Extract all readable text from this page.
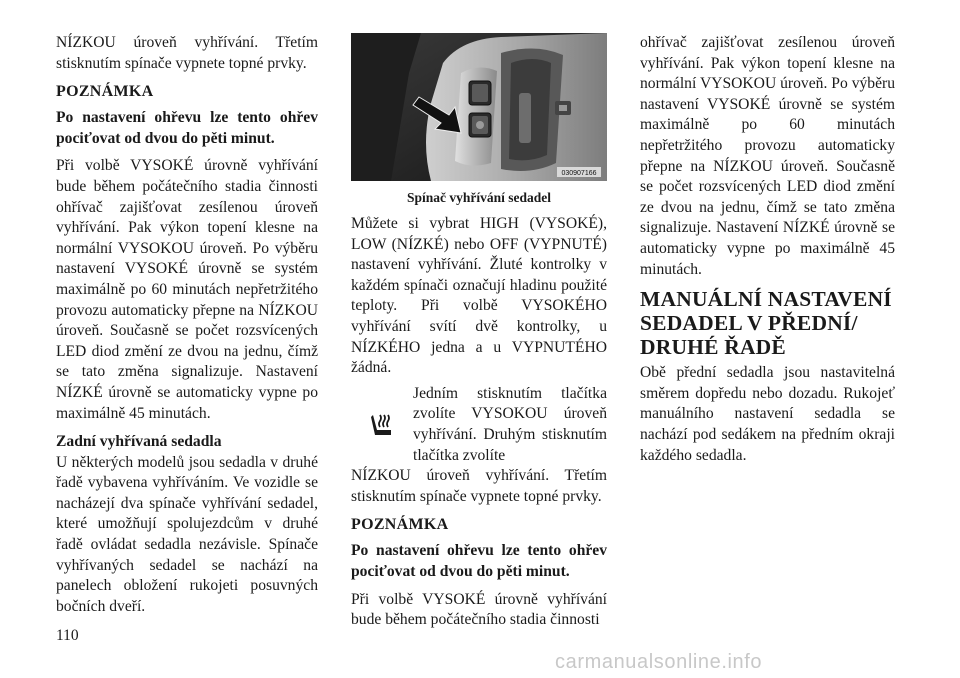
NÍZKOU úroveň vyhřívání. Třetím stisknutím spínače vypnete topné prvky.

POZNÁMKA

Po nastavení ohřevu lze tento ohřev pociťovat od dvou do pěti minut.

Při volbě VYSOKÉ úrovně vyhřívání bude během počátečního stadia činnosti ohřívač zajišťovat zesílenou úroveň vyhřívání. Pak výkon topení klesne na normální VYSOKOU úroveň. Po výběru nastavení VYSOKÉ úrovně se systém maximálně po 60 minutách nepřetržitého provozu automaticky přepne na NÍZKOU úroveň. Současně se počet rozsvícených LED diod změní ze dvou na jednu, čímž se tato změna signalizuje. Nastavení NÍZKÉ úrovně se automaticky vypne po maximálně 45 minutách.

Zadní vyhřívaná sedadla

U některých modelů jsou sedadla v druhé řadě vybavena vyhříváním. Ve vozidle se nacházejí dva spínače vyhřívání sedadel, které umožňují spolujezdcům v druhé řadě ovládat sedadla nezávisle. Spínače vyhřívaných sedadel se nachází na panelech obložení rukojeti posuvných bočních dveří.

030907166
Spínač vyhřívání sedadel

Můžete si vybrat HIGH (VYSOKÉ), LOW (NÍZKÉ) nebo OFF (VYPNUTÉ) nastavení vyhřívání. Žluté kontrolky v každém spínači označují hladinu použité teploty. Při volbě VYSOKÉHO vyhřívání svítí dvě kontrolky, u NÍZKÉHO jedna a u VYPNUTÉHO žádná.

Jedním stisknutím tlačítka zvolíte VYSOKOU úroveň vyhřívání. Druhým stisknutím tlačítka zvolíte

NÍZKOU úroveň vyhřívání. Třetím stisknutím spínače vypnete topné prvky.

POZNÁMKA

Po nastavení ohřevu lze tento ohřev pociťovat od dvou do pěti minut.

Při volbě VYSOKÉ úrovně vyhřívání bude během počátečního stadia činnosti

ohřívač zajišťovat zesílenou úroveň vyhřívání. Pak výkon topení klesne na normální VYSOKOU úroveň. Po výběru nastavení VYSOKÉ úrovně se systém maximálně po 60 minutách nepřetržitého provozu automaticky přepne na NÍZKOU úroveň. Současně se počet rozsvícených LED diod změní ze dvou na jednu, čímž se tato změna signalizuje. Nastavení NÍZKÉ úrovně se automaticky vypne po maximálně 45 minutách.

MANUÁLNÍ NASTAVENÍ
SEDADEL V PŘEDNÍ/
DRUHÉ ŘADĚ

Obě přední sedadla jsou nastavitelná směrem dopředu nebo dozadu. Rukojeť manuálního nastavení sedadla se nachází pod sedákem na předním okraji každého sedadla.

110
carmanualsonline.info
